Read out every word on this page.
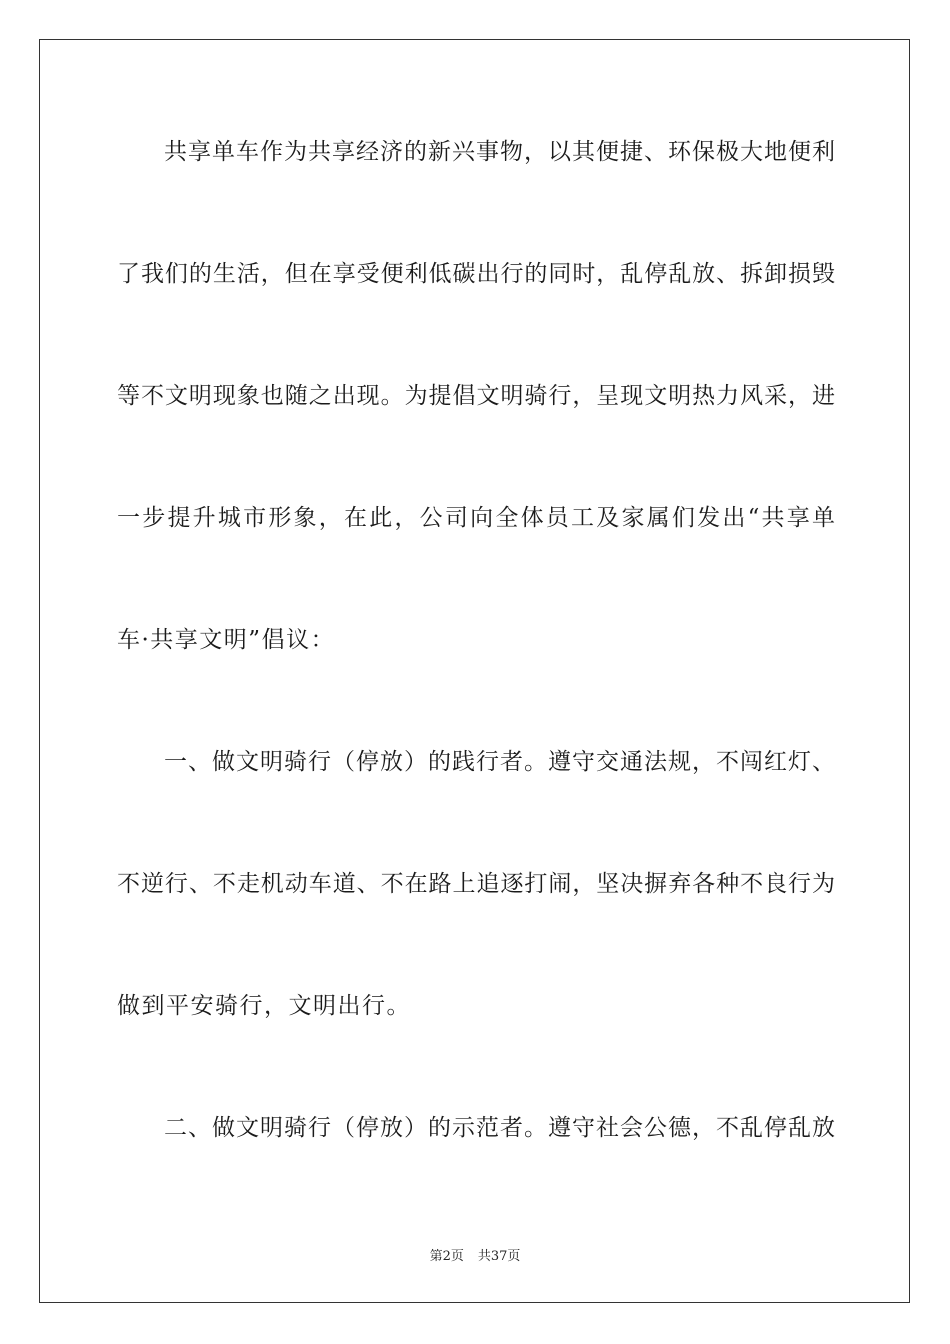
共享单车作为共享经济的新兴事物，以其便捷、环保极大地便利
了我们的生活，但在享受便利低碳出行的同时，乱停乱放、拆卸损毁
等不文明现象也随之出现。为提倡文明骑行，呈现文明热力风采，进
一步提升城市形象，在此，公司向全体员工及家属们发出“共享单
车·共享文明”倡议：
一、做文明骑行（停放）的践行者。遵守交通法规，不闯红灯、
不逆行、不走机动车道、不在路上追逐打闹，坚决摒弃各种不良行为
做到平安骑行，文明出行。
二、做文明骑行（停放）的示范者。遵守社会公德，不乱停乱放
第2页 共37页
